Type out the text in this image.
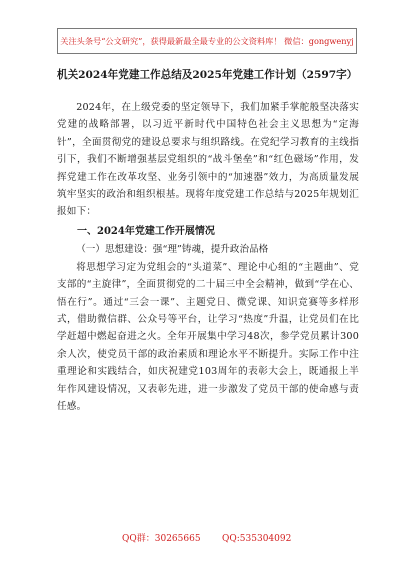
关注头条号“公文研究”，获得最新最全最专业的公文资料库！ 微信：gongwenyj
机关2024年党建工作总结及2025年党建工作计划（2597字）

2024年，在上级党委的坚定领导下，我们加紧手掌舵般坚决落实党建的战略部署，以习近平新时代中国特色社会主义思想为“定海针”，全面贯彻党的建设总要求与组织路线。在党纪学习教育的主线指引下，我们不断增强基层党组织的“战斗堡垒”和“红色磁场”作用，发挥党建工作在改革攻坚、业务引领中的“加速器”效力，为高质量发展筑牢坚实的政治和组织根基。现将年度党建工作总结与2025年规划汇报如下：

一、2024年党建工作开展情况

（一）思想建设：强“理”铸魂，提升政治品格

将思想学习定为党组会的“头道菜”、理论中心组的“主题曲”、党支部的“主旋律”，全面贯彻党的二十届三中全会精神，做到“学在心、悟在行”。通过“三会一课”、主题党日、微党课、知识竞赛等多样形式，借助微信群、公众号等平台，让学习“热度”升温，让党员们在比学赶超中燃起奋进之火。全年开展集中学习48次，参学党员累计300余人次，使党员干部的政治素质和理论水平不断提升。实际工作中注重理论和实践结合，如庆祝建党103周年的表彰大会上，既通报上半年作风建设情况，又表彰先进，进一步激发了党员干部的使命感与责任感。

QQ群：30265665 QQ:535304092
